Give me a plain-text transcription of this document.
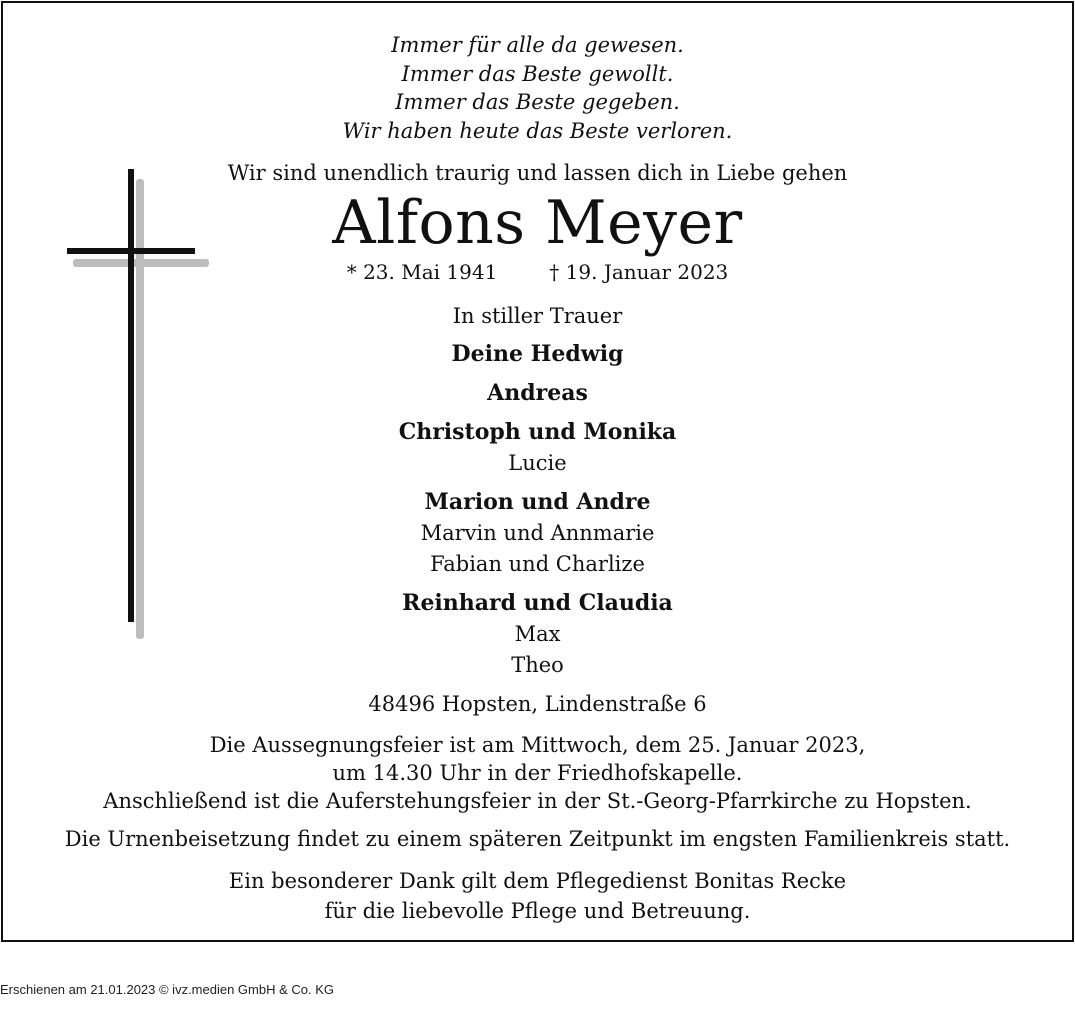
Immer für alle da gewesen.
Immer das Beste gewollt.
Immer das Beste gegeben.
Wir haben heute das Beste verloren.
Wir sind unendlich traurig und lassen dich in Liebe gehen
Alfons Meyer
* 23. Mai 1941	† 19. Januar 2023
In stiller Trauer
Deine Hedwig
Andreas
Christoph und Monika
Lucie
Marion und Andre
Marvin und Annmarie
Fabian und Charlize
Reinhard und Claudia
Max
Theo
48496 Hopsten, Lindenstraße 6
Die Aussegnungsfeier ist am Mittwoch, dem 25. Januar 2023,
um 14.30 Uhr in der Friedhofskapelle.
Anschließend ist die Auferstehungsfeier in der St.-Georg-Pfarrkirche zu Hopsten.
Die Urnenbeisetzung findet zu einem späteren Zeitpunkt im engsten Familienkreis statt.
Ein besonderer Dank gilt dem Pflegedienst Bonitas Recke
für die liebevolle Pflege und Betreuung.
Erschienen am 21.01.2023 © ivz.medien GmbH & Co. KG
